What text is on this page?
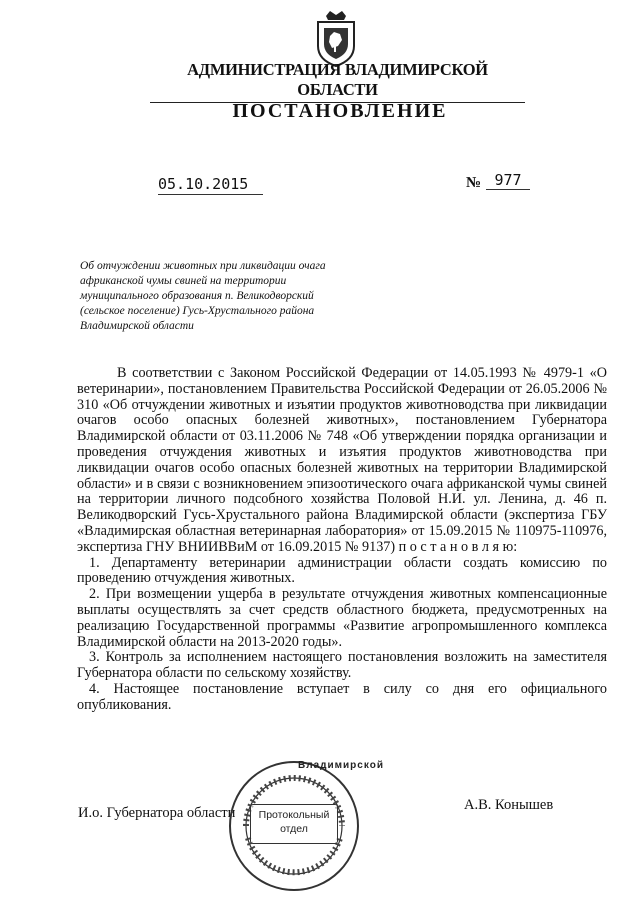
АДМИНИСТРАЦИЯ ВЛАДИМИРСКОЙ ОБЛАСТИ
ПОСТАНОВЛЕНИЕ
05.10.2015	№ 977
Об отчуждении животных при ликвидации очага
африканской чумы свиней на территории
муниципального образования п. Великодворский
(сельское поселение) Гусь-Хрустального района
Владимирской области

В соответствии с Законом Российской Федерации от 14.05.1993 № 4979-1 «О ветеринарии», постановлением Правительства Российской Федерации от 26.05.2006 № 310 «Об отчуждении животных и изъятии продуктов животноводства при ликвидации очагов особо опасных болезней животных», постановлением Губернатора Владимирской области от 03.11.2006 № 748 «Об утверждении порядка организации и проведения отчуждения животных и изъятия продуктов животноводства при ликвидации очагов особо опасных болезней животных на территории Владимирской области» и в связи с возникновением эпизоотического очага африканской чумы свиней на территории личного подсобного хозяйства Половой Н.И. ул. Ленина, д. 46 п. Великодворский Гусь-Хрустального района Владимирской области (экспертиза ГБУ «Владимирская областная ветеринарная лаборатория» от 15.09.2015 № 110975-110976, экспертиза ГНУ ВНИИВВиМ от 16.09.2015 № 9137) п о с т а н о в л я ю:

1. Департаменту ветеринарии администрации области создать комиссию по проведению отчуждения животных.

2. При возмещении ущерба в результате отчуждения животных компенсационные выплаты осуществлять за счет средств областного бюджета, предусмотренных на реализацию Государственной программы «Развитие агропромышленного комплекса Владимирской области на 2013-2020 годы».

3. Контроль за исполнением настоящего постановления возложить на заместителя Губернатора области по сельскому хозяйству.

4. Настоящее постановление вступает в силу со дня его официального опубликования.

И.о. Губернатора области	А.В. Конышев
Владимирской
Протокольный
отдел
